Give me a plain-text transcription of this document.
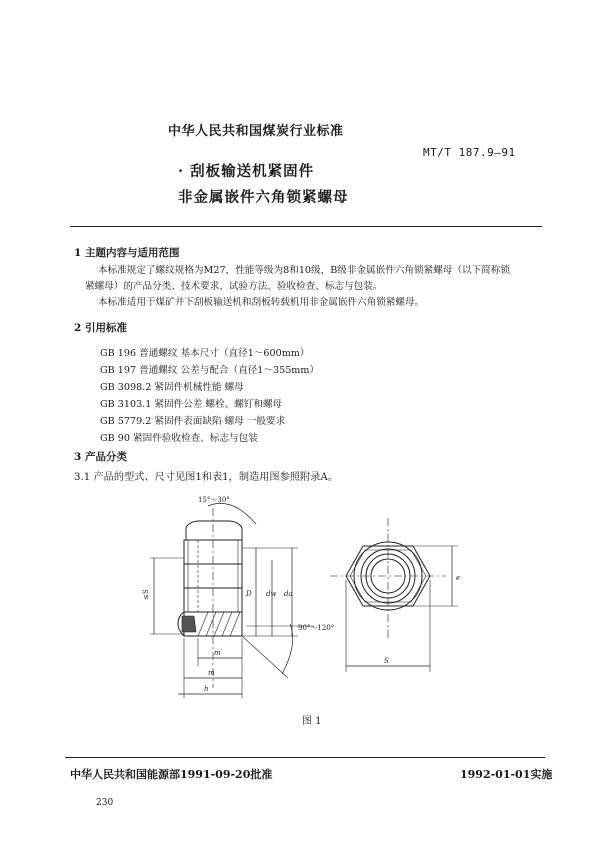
中华人民共和国煤炭行业标准
MT/T 187.9—91
· 刮板输送机紧固件
非金属嵌件六角锁紧螺母
1 主题内容与适用范围
本标准规定了螺纹规格为M27，性能等级为8和10级，B级非金属嵌件六角锁紧螺母（以下简称锁
紧螺母）的产品分类、技术要求、试验方法、验收检查、标志与包装。
本标准适用于煤矿井下刮板输送机和刮板转载机用非金属嵌件六角锁紧螺母。
2 引用标准
GB 196 普通螺纹 基本尺寸（直径1～600mm）
GB 197 普通螺纹 公差与配合（直径1～355mm）
GB 3098.2 紧固件机械性能 螺母
GB 3103.1 紧固件公差 螺栓、螺钉和螺母
GB 5779.2 紧固件表面缺陷 螺母 一般要求
GB 90 紧固件验收检查、标志与包装
3 产品分类
3.1 产品的型式、尺寸见图1和表1，制造用图参照附录A。
15°～30°
≤S	D dw da
90°～120°
m′
m
h
e
S
图 1
中华人民共和国能源部1991-09-20批准	1992-01-01实施
230
